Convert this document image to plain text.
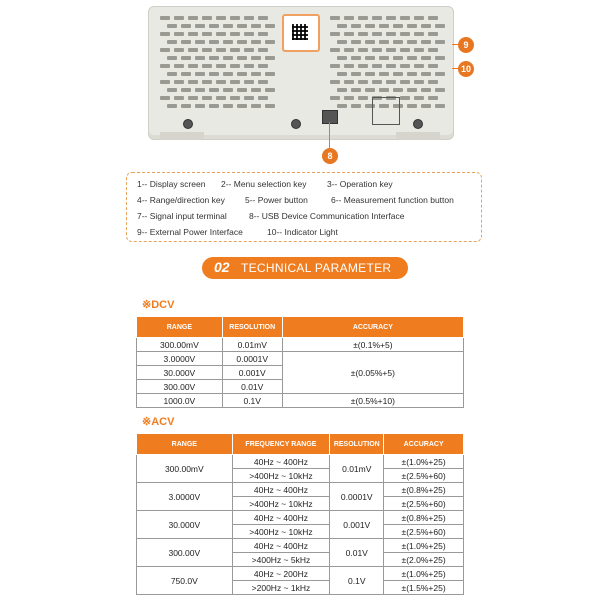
9
10
8
1-- Display screen 2-- Menu selection key 3-- Operation key
4-- Range/direction key 5-- Power button	6-- Measurement function button
7-- Signal input terminal	8-- USB Device Communication Interface
9-- External Power Interface	10-- Indicator Light
02 TECHNICAL PARAMETER
※DCV
RANGE	RESOLUTION	ACCURACY
300.00mV	0.01mV	±(0.1%+5)
3.0000V	0.0001V	±(0.05%+5)
30.000V	0.001V	
300.00V	0.01V	
1000.0V	0.1V	±(0.5%+10)
※ACV
RANGE	FREQUENCY RANGE	RESOLUTION	ACCURACY
300.00mV	40Hz ~ 400Hz	0.01mV	±(1.0%+25)
	>400Hz ~ 10kHz		±(2.5%+60)
3.0000V	40Hz ~ 400Hz	0.0001V	±(0.8%+25)
	>400Hz ~ 10kHz		±(2.5%+60)
30.000V	40Hz ~ 400Hz	0.001V	±(0.8%+25)
	>400Hz ~ 10kHz		±(2.5%+60)
300.00V	40Hz ~ 400Hz	0.01V	±(1.0%+25)
	>400Hz ~ 5kHz		±(2.0%+25)
750.0V	40Hz ~ 200Hz	0.1V	±(1.0%+25)
	>200Hz ~ 1kHz		±(1.5%+25)
